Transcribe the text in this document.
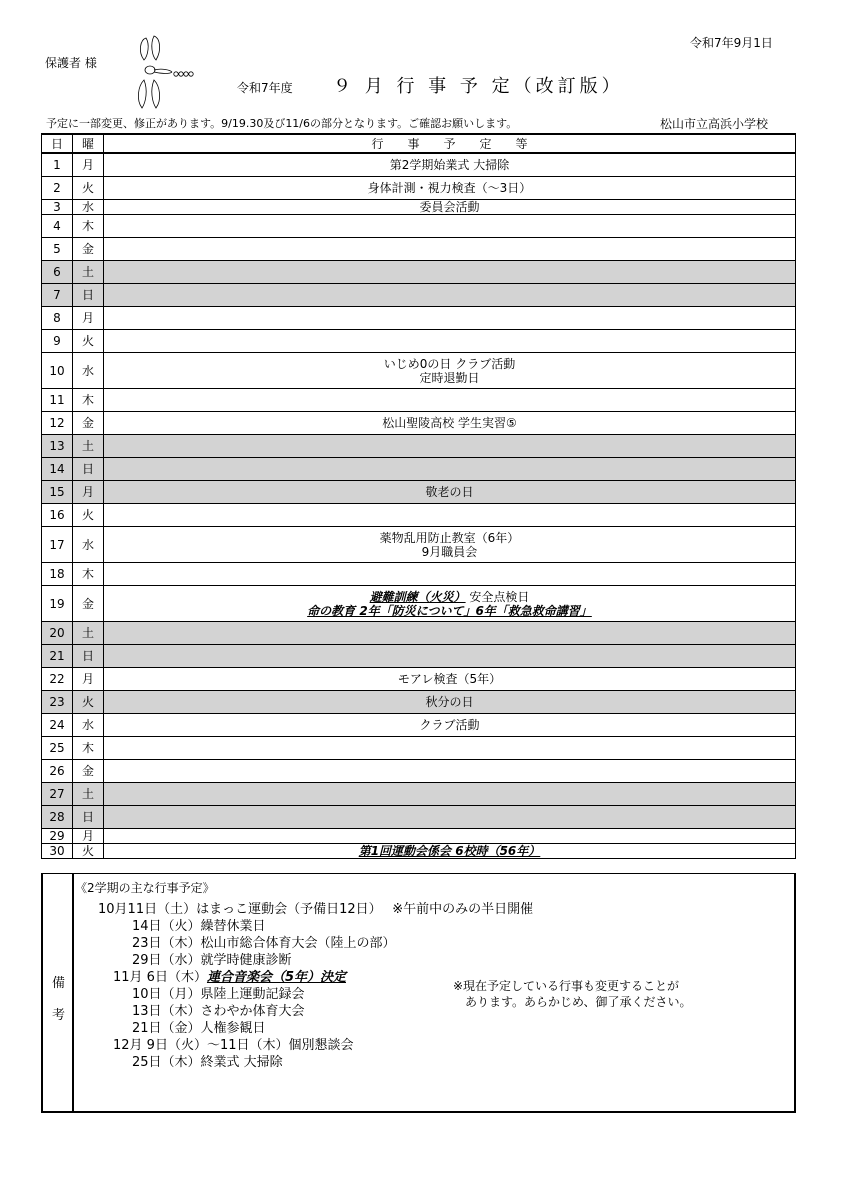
令和7年9月1日
保護者 様
令和7年度 ９ 月 行 事 予 定（改訂版）
予定に一部変更、修正があります。9/19.30及び11/6の部分となります。ご確認お願いします。	松山市立高浜小学校
日	曜	行　　事　　予　　定　　等
1	月	第2学期始業式 大掃除
2	火	身体計測・視力検査（～3日）
3	水	委員会活動
4	木	
5	金	
6	土	
7	日	
8	月	
9	火	
10	水	いじめ0の日 クラブ活動
定時退勤日

11	木	
12	金	松山聖陵高校 学生実習⑤
13	土	
14	日	
15	月	敬老の日
16	火	
17	水	薬物乱用防止教室（6年）
9月職員会

18	木	
19	金	避難訓練（火災） 安全点検日
命の教育 2年「防災について」6年「救急救命講習」

20	土	
21	日	
22	月	モアレ検査（5年）
23	火	秋分の日
24	水	クラブ活動
25	木	
26	金	
27	土	
28	日	
29	月	
30	火	第1回運動会係会 6校時（56年）
備
考
《2学期の主な行事予定》
10月11日（土）はまっこ運動会（予備日12日）　 ※午前中のみの半日開催
14日（火）繰替休業日
23日（木）松山市総合体育大会（陸上の部）
29日（水）就学時健康診断
11月 6日（木）連合音楽会（5年）決定
10日（月）県陸上運動記録会
13日（木）さわやか体育大会
21日（金）人権参観日
12月 9日（火）～11日（木）個別懇談会
25日（木）終業式 大掃除
※現在予定している行事も変更することが
あります。あらかじめ、御了承ください。
